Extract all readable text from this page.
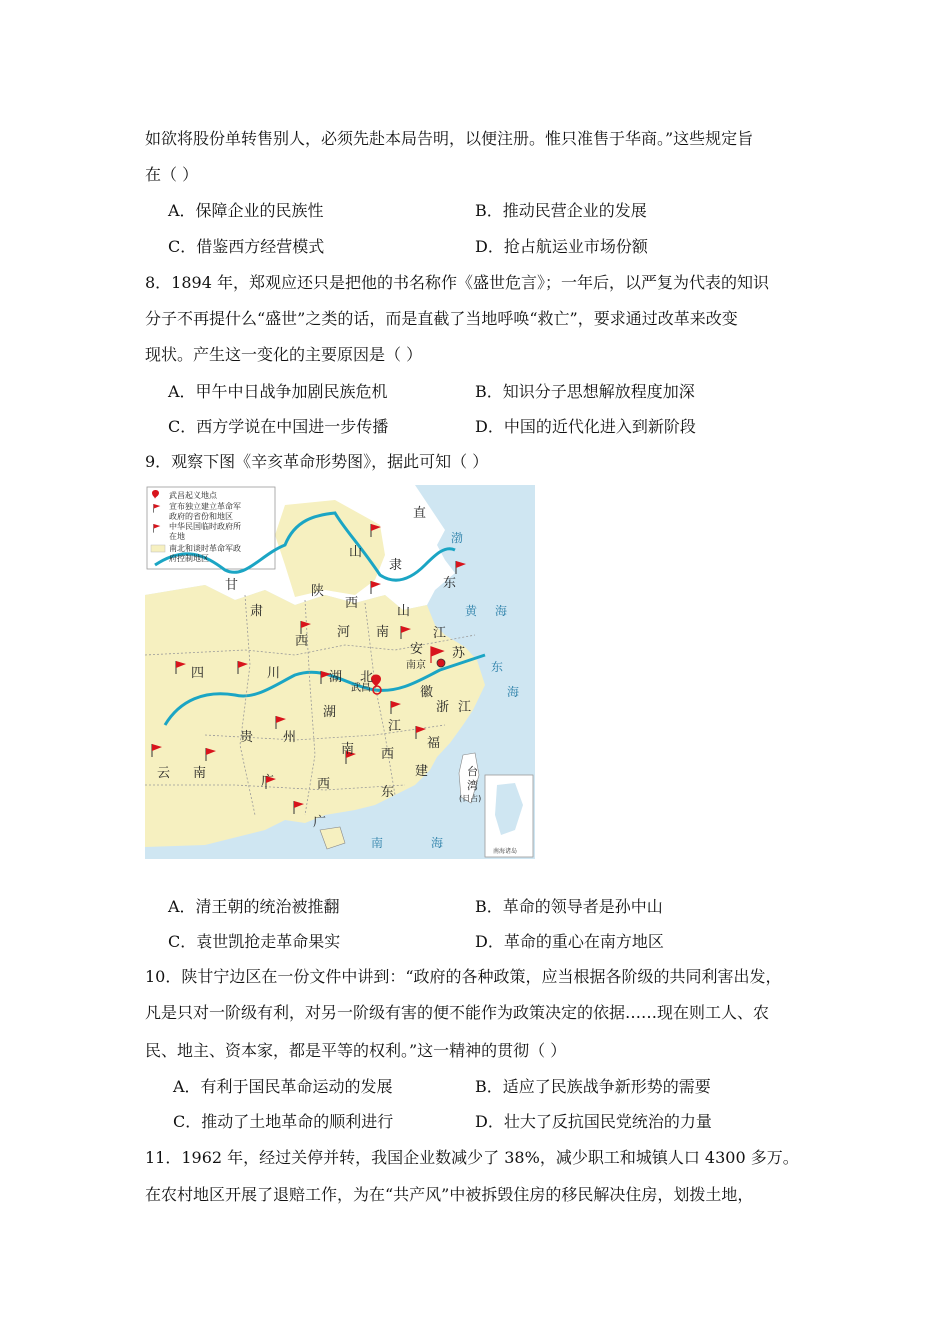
如欲将股份单转售别人，必须先赴本局告明，以便注册。惟只准售于华商。”这些规定旨
在（ ）
A．保障企业的民族性	B．推动民营企业的发展
C．借鉴西方经营模式	D．抢占航运业市场份额
8．1894 年，郑观应还只是把他的书名称作《盛世危言》；一年后，以严复为代表的知识
分子不再提什么“盛世”之类的话，而是直截了当地呼唤“救亡”，要求通过改革来改变
现状。产生这一变化的主要原因是（ ）
A．甲午中日战争加剧民族危机	B．知识分子思想解放程度加深
C．西方学说在中国进一步传播	D．中国的近代化进入到新阶段
9．观察下图《辛亥革命形势图》，据此可知（ ）
武昌起义地点
宣布独立建立革命军
政府的省份和地区
中华民国临时政府所
在地
南北和谈时革命军政
府控制地区
直
隶
山
西
陕
西
甘
肃	山
东
河 南	江
苏
安
徽
南京
四	川	湖 北
武昌
湖
南
江
西
浙 江
福
建
贵 州
云 南
广	西
广
东
台
湾
(日占)
渤
黄 海
东
海
南	海
南海诸岛
A．清王朝的统治被推翻	B．革命的领导者是孙中山
C．袁世凯抢走革命果实	D．革命的重心在南方地区
10．陕甘宁边区在一份文件中讲到：“政府的各种政策，应当根据各阶级的共同利害出发，
凡是只对一阶级有利，对另一阶级有害的便不能作为政策决定的依据……现在则工人、农
民、地主、资本家，都是平等的权利。”这一精神的贯彻（ ）
A．有利于国民革命运动的发展	B．适应了民族战争新形势的需要
C．推动了土地革命的顺利进行	D．壮大了反抗国民党统治的力量
11．1962 年，经过关停并转，我国企业数减少了 38%，减少职工和城镇人口 4300 多万。
在农村地区开展了退赔工作，为在“共产风”中被拆毁住房的移民解决住房，划拨土地，
